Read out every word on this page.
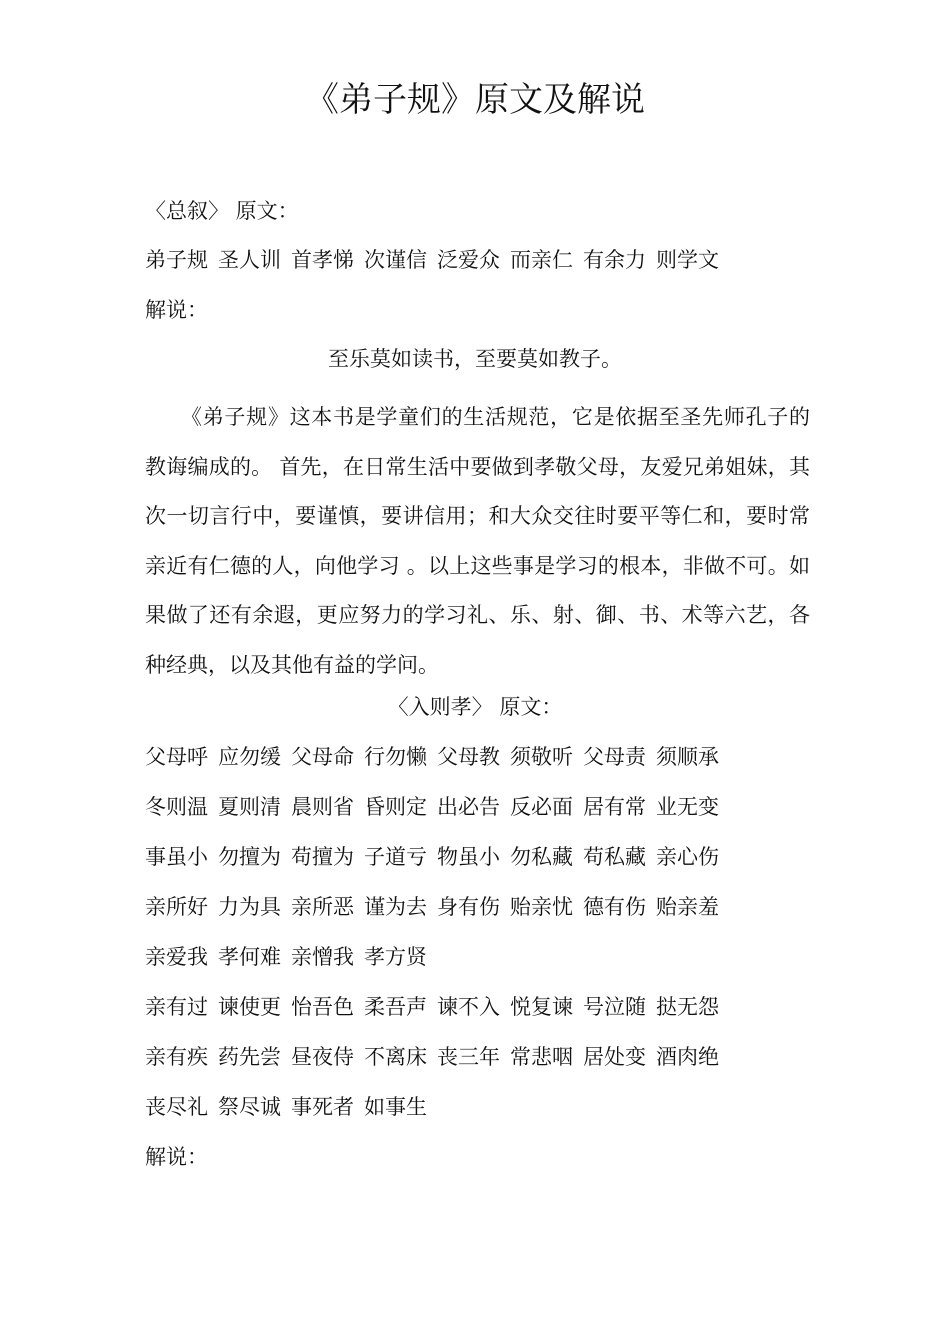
《弟子规》原文及解说
〈总叙〉 原文：
弟子规 圣人训 首孝悌 次谨信 泛爱众 而亲仁 有余力 则学文
解说：
至乐莫如读书，至要莫如教子。
《弟子规》这本书是学童们的生活规范，它是依据至圣先师孔子的教诲编成的。 首先，在日常生活中要做到孝敬父母，友爱兄弟姐妹，其次一切言行中，要谨慎，要讲信用；和大众交往时要平等仁和，要时常亲近有仁德的人，向他学习 。以上这些事是学习的根本，非做不可。如果做了还有余遐，更应努力的学习礼、乐、射、御、书、术等六艺，各种经典，以及其他有益的学问。
〈入则孝〉 原文：
父母呼 应勿缓 父母命 行勿懒 父母教 须敬听 父母责 须顺承
冬则温 夏则清 晨则省 昏则定 出必告 反必面 居有常 业无变
事虽小 勿擅为 苟擅为 子道亏 物虽小 勿私藏 苟私藏 亲心伤
亲所好 力为具 亲所恶 谨为去 身有伤 贻亲忧 德有伤 贻亲羞
亲爱我 孝何难 亲憎我 孝方贤
亲有过 谏使更 怡吾色 柔吾声 谏不入 悦复谏 号泣随 挞无怨
亲有疾 药先尝 昼夜侍 不离床 丧三年 常悲咽 居处变 酒肉绝
丧尽礼 祭尽诚 事死者 如事生
解说：
